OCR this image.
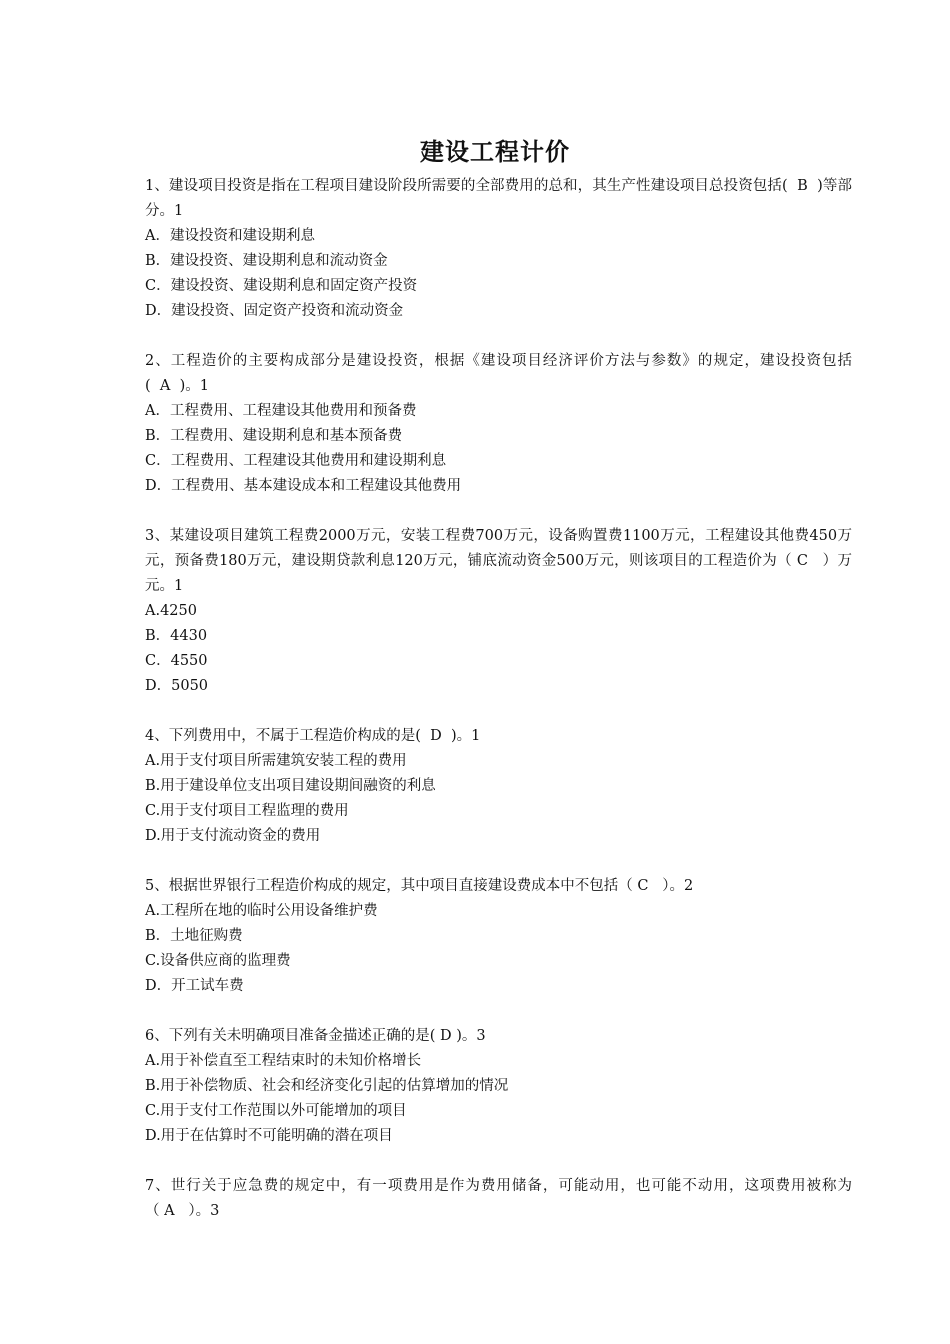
建设工程计价

1、建设项目投资是指在工程项目建设阶段所需要的全部费用的总和，其生产性建设项目总投资包括(  B  )等部分。1

A．建设投资和建设期利息

B．建设投资、建设期利息和流动资金

C．建设投资、建设期利息和固定资产投资

D．建设投资、固定资产投资和流动资金

2、工程造价的主要构成部分是建设投资，根据《建设项目经济评价方法与参数》的规定，建设投资包括(  A  )。1

A．工程费用、工程建设其他费用和预备费

B．工程费用、建设期利息和基本预备费

C．工程费用、工程建设其他费用和建设期利息

D．工程费用、基本建设成本和工程建设其他费用

3、某建设项目建筑工程费2000万元，安装工程费700万元，设备购置费1100万元，工程建设其他费450万元，预备费180万元，建设期贷款利息120万元，铺底流动资金500万元，则该项目的工程造价为（ C   ）万元。1

A.4250

B．4430

C．4550

D．5050

4、下列费用中，不属于工程造价构成的是(  D  )。1

A.用于支付项目所需建筑安装工程的费用

B.用于建设单位支出项目建设期间融资的利息

C.用于支付项目工程监理的费用

D.用于支付流动资金的费用

5、根据世界银行工程造价构成的规定，其中项目直接建设费成本中不包括（ C   ）。2

A.工程所在地的临时公用设备维护费

B．土地征购费

C.设备供应商的监理费

D．开工试车费

6、下列有关未明确项目准备金描述正确的是( D )。3

A.用于补偿直至工程结束时的未知价格增长

B.用于补偿物质、社会和经济变化引起的估算增加的情况

C.用于支付工作范围以外可能增加的项目

D.用于在估算时不可能明确的潜在项目

7、世行关于应急费的规定中，有一项费用是作为费用储备，可能动用，也可能不动用，这项费用被称为（ A   ）。3
